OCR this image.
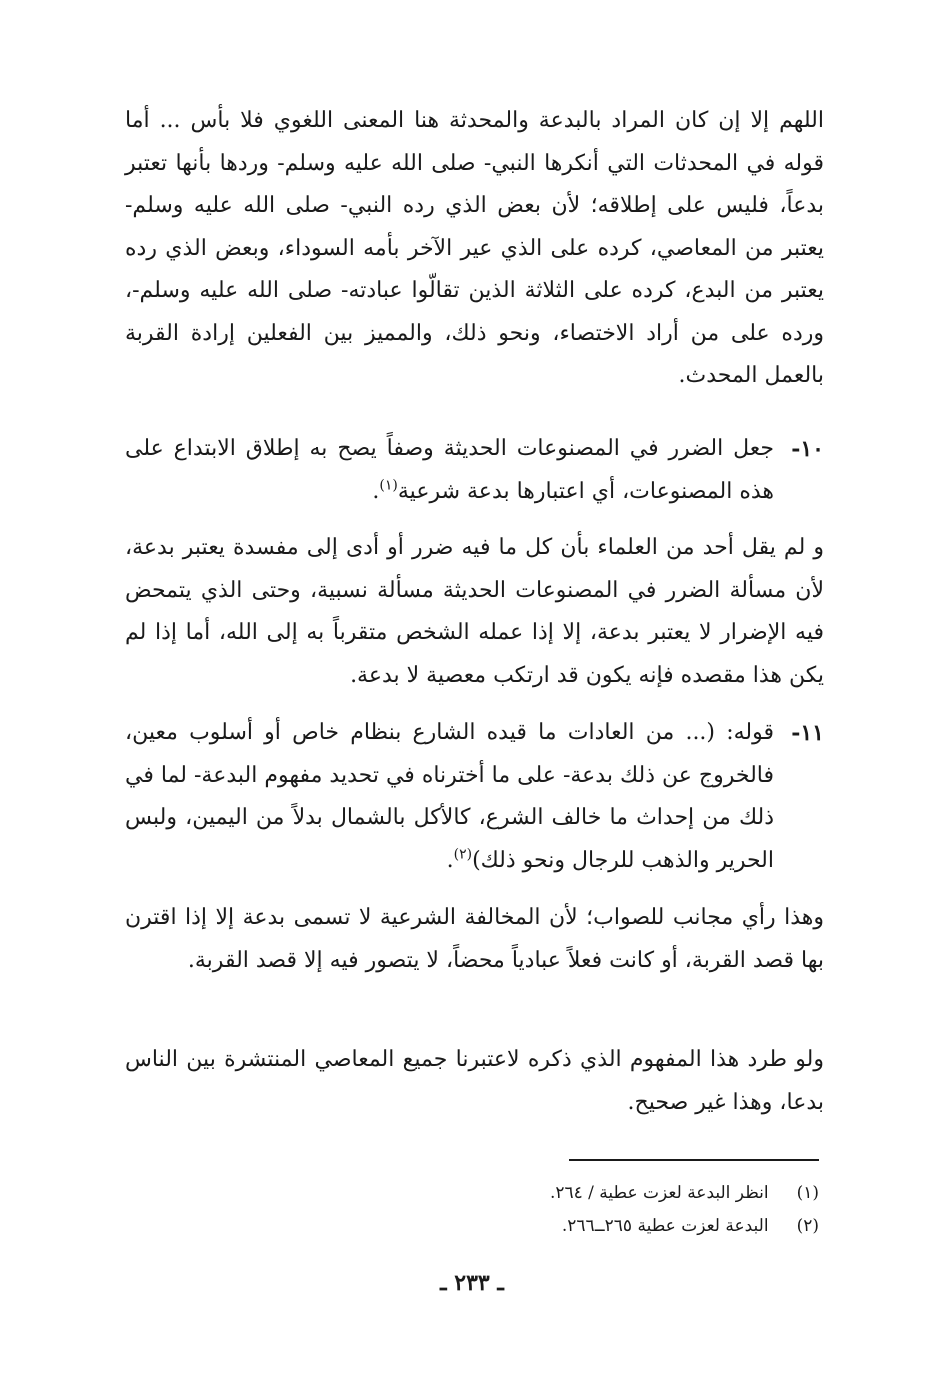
اللهم إلا إن كان المراد بالبدعة والمحدثة هنا المعنى اللغوي فلا بأس ... أما قوله في المحدثات التي أنكرها النبي- صلى الله عليه وسلم- وردها بأنها تعتبر بدعاً، فليس على إطلاقه؛ لأن بعض الذي رده النبي- صلى الله عليه وسلم- يعتبر من المعاصي، كرده على الذي عير الآخر بأمه السوداء، وبعض الذي رده يعتبر من البدع، كرده على الثلاثة الذين تقالّوا عبادته- صلى الله عليه وسلم-، ورده على من أراد الاختصاء، ونحو ذلك، والمميز بين الفعلين إرادة القربة بالعمل المحدث.
١٠-
جعل الضرر في المصنوعات الحديثة وصفاً يصح به إطلاق الابتداع على هذه المصنوعات، أي اعتبارها بدعة شرعية$^{(١)}$.
و لم يقل أحد من العلماء بأن كل ما فيه ضرر أو أدى إلى مفسدة يعتبر بدعة، لأن مسألة الضرر في المصنوعات الحديثة مسألة نسبية، وحتى الذي يتمحض فيه الإضرار لا يعتبر بدعة، إلا إذا عمله الشخص متقرباً به إلى الله، أما إذا لم يكن هذا مقصده فإنه يكون قد ارتكب معصية لا بدعة.
١١-
قوله: (... من العادات ما قيده الشارع بنظام خاص أو أسلوب معين، فالخروج عن ذلك بدعة- على ما أخترناه في تحديد مفهوم البدعة- لما في ذلك من إحداث ما خالف الشرع، كالأكل بالشمال بدلاً من اليمين، ولبس الحرير والذهب للرجال ونحو ذلك)$^{(٢)}$.
وهذا رأي مجانب للصواب؛ لأن المخالفة الشرعية لا تسمى بدعة إلا إذا اقترن بها قصد القربة، أو كانت فعلاً عبادياً محضاً، لا يتصور فيه إلا قصد القربة.
ولو طرد هذا المفهوم الذي ذكره لاعتبرنا جميع المعاصي المنتشرة بين الناس بدعا، وهذا غير صحيح.
(١) انظر البدعة لعزت عطية / ٢٦٤.
(٢) البدعة لعزت عطية ٢٦٥ــ٢٦٦.
ـ ٢٣٣ ـ
